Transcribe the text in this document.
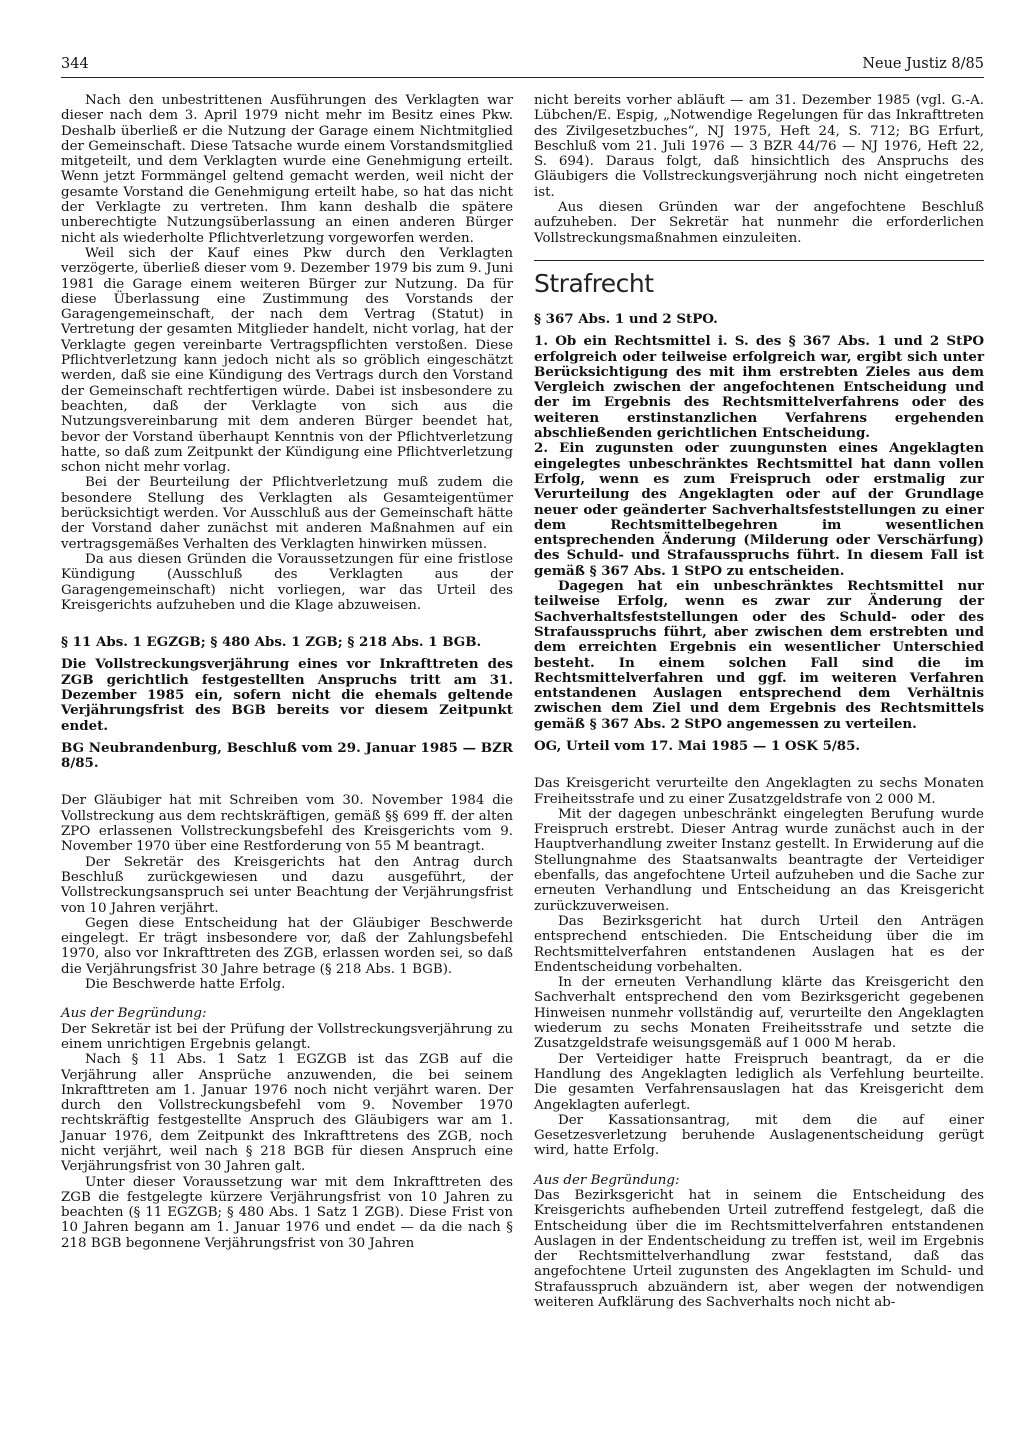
344	Neue Justiz 8/85

Nach den unbestrittenen Ausführungen des Verklagten war dieser nach dem 3. April 1979 nicht mehr im Besitz eines Pkw. Deshalb überließ er die Nutzung der Garage einem Nichtmitglied der Gemeinschaft. Diese Tatsache wurde einem Vorstandsmitglied mitgeteilt, und dem Verklagten wurde eine Genehmigung erteilt. Wenn jetzt Formmängel geltend gemacht werden, weil nicht der gesamte Vorstand die Genehmigung erteilt habe, so hat das nicht der Verklagte zu vertreten. Ihm kann deshalb die spätere unberechtigte Nutzungsüberlassung an einen anderen Bürger nicht als wiederholte Pflichtverletzung vorgeworfen werden.

Weil sich der Kauf eines Pkw durch den Verklagten verzögerte, überließ dieser vom 9. Dezember 1979 bis zum 9. Juni 1981 die Garage einem weiteren Bürger zur Nutzung. Da für diese Überlassung eine Zustimmung des Vorstands der Garagengemeinschaft, der nach dem Vertrag (Statut) in Vertretung der gesamten Mitglieder handelt, nicht vorlag, hat der Verklagte gegen vereinbarte Vertragspflichten verstoßen. Diese Pflichtverletzung kann jedoch nicht als so gröblich eingeschätzt werden, daß sie eine Kündigung des Vertrags durch den Vorstand der Gemeinschaft rechtfertigen würde. Dabei ist insbesondere zu beachten, daß der Verklagte von sich aus die Nutzungsvereinbarung mit dem anderen Bürger beendet hat, bevor der Vorstand überhaupt Kenntnis von der Pflichtverletzung hatte, so daß zum Zeitpunkt der Kündigung eine Pflichtverletzung schon nicht mehr vorlag.

Bei der Beurteilung der Pflichtverletzung muß zudem die besondere Stellung des Verklagten als Gesamteigentümer berücksichtigt werden. Vor Ausschluß aus der Gemeinschaft hätte der Vorstand daher zunächst mit anderen Maßnahmen auf ein vertragsgemäßes Verhalten des Verklagten hinwirken müssen.

Da aus diesen Gründen die Voraussetzungen für eine fristlose Kündigung (Ausschluß des Verklagten aus der Garagengemeinschaft) nicht vorliegen, war das Urteil des Kreisgerichts aufzuheben und die Klage abzuweisen.

§ 11 Abs. 1 EGZGB; § 480 Abs. 1 ZGB; § 218 Abs. 1 BGB.

Die Vollstreckungsverjährung eines vor Inkrafttreten des ZGB gerichtlich festgestellten Anspruchs tritt am 31. Dezember 1985 ein, sofern nicht die ehemals geltende Verjährungsfrist des BGB bereits vor diesem Zeitpunkt endet.

BG Neubrandenburg, Beschluß vom 29. Januar 1985 — BZR 8/85.

Der Gläubiger hat mit Schreiben vom 30. November 1984 die Vollstreckung aus dem rechtskräftigen, gemäß §§ 699 ff. der alten ZPO erlassenen Vollstreckungsbefehl des Kreisgerichts vom 9. November 1970 über eine Restforderung von 55 M beantragt.

Der Sekretär des Kreisgerichts hat den Antrag durch Beschluß zurückgewiesen und dazu ausgeführt, der Vollstreckungsanspruch sei unter Beachtung der Verjährungsfrist von 10 Jahren verjährt.

Gegen diese Entscheidung hat der Gläubiger Beschwerde eingelegt. Er trägt insbesondere vor, daß der Zahlungsbefehl 1970, also vor Inkrafttreten des ZGB, erlassen worden sei, so daß die Verjährungsfrist 30 Jahre betrage (§ 218 Abs. 1 BGB).

Die Beschwerde hatte Erfolg.

Aus der Begründung:

Der Sekretär ist bei der Prüfung der Vollstreckungsverjährung zu einem unrichtigen Ergebnis gelangt.

Nach § 11 Abs. 1 Satz 1 EGZGB ist das ZGB auf die Verjährung aller Ansprüche anzuwenden, die bei seinem Inkrafttreten am 1. Januar 1976 noch nicht verjährt waren. Der durch den Vollstreckungsbefehl vom 9. November 1970 rechtskräftig festgestellte Anspruch des Gläubigers war am 1. Januar 1976, dem Zeitpunkt des Inkrafttretens des ZGB, noch nicht verjährt, weil nach § 218 BGB für diesen Anspruch eine Verjährungsfrist von 30 Jahren galt.

Unter dieser Voraussetzung war mit dem Inkrafttreten des ZGB die festgelegte kürzere Verjährungsfrist von 10 Jahren zu beachten (§ 11 EGZGB; § 480 Abs. 1 Satz 1 ZGB). Diese Frist von 10 Jahren begann am 1. Januar 1976 und endet — da die nach § 218 BGB begonnene Verjährungsfrist von 30 Jahren

nicht bereits vorher abläuft — am 31. Dezember 1985 (vgl. G.-A. Lübchen/E. Espig, „Notwendige Regelungen für das Inkrafttreten des Zivilgesetzbuches“, NJ 1975, Heft 24, S. 712; BG Erfurt, Beschluß vom 21. Juli 1976 — 3 BZR 44/76 — NJ 1976, Heft 22, S. 694). Daraus folgt, daß hinsichtlich des Anspruchs des Gläubigers die Vollstreckungsverjährung noch nicht eingetreten ist.

Aus diesen Gründen war der angefochtene Beschluß aufzuheben. Der Sekretär hat nunmehr die erforderlichen Vollstreckungsmaßnahmen einzuleiten.

Strafrecht

§ 367 Abs. 1 und 2 StPO.

1. Ob ein Rechtsmittel i. S. des § 367 Abs. 1 und 2 StPO erfolgreich oder teilweise erfolgreich war, ergibt sich unter Berücksichtigung des mit ihm erstrebten Zieles aus dem Vergleich zwischen der angefochtenen Entscheidung und der im Ergebnis des Rechtsmittelverfahrens oder des weiteren erstinstanzlichen Verfahrens ergehenden abschließenden gerichtlichen Entscheidung.

2. Ein zugunsten oder zuungunsten eines Angeklagten eingelegtes unbeschränktes Rechtsmittel hat dann vollen Erfolg, wenn es zum Freispruch oder erstmalig zur Verurteilung des Angeklagten oder auf der Grundlage neuer oder geänderter Sachverhaltsfeststellungen zu einer dem Rechtsmittelbegehren im wesentlichen entsprechenden Änderung (Milderung oder Verschärfung) des Schuld- und Strafausspruchs führt. In diesem Fall ist gemäß § 367 Abs. 1 StPO zu entscheiden.

Dagegen hat ein unbeschränktes Rechtsmittel nur teilweise Erfolg, wenn es zwar zur Änderung der Sachverhaltsfeststellungen oder des Schuld- oder des Strafausspruchs führt, aber zwischen dem erstrebten und dem erreichten Ergebnis ein wesentlicher Unterschied besteht. In einem solchen Fall sind die im Rechtsmittelverfahren und ggf. im weiteren Verfahren entstandenen Auslagen entsprechend dem Verhältnis zwischen dem Ziel und dem Ergebnis des Rechtsmittels gemäß § 367 Abs. 2 StPO angemessen zu verteilen.

OG, Urteil vom 17. Mai 1985 — 1 OSK 5/85.

Das Kreisgericht verurteilte den Angeklagten zu sechs Monaten Freiheitsstrafe und zu einer Zusatzgeldstrafe von 2 000 M.

Mit der dagegen unbeschränkt eingelegten Berufung wurde Freispruch erstrebt. Dieser Antrag wurde zunächst auch in der Hauptverhandlung zweiter Instanz gestellt. In Erwiderung auf die Stellungnahme des Staatsanwalts beantragte der Verteidiger ebenfalls, das angefochtene Urteil aufzuheben und die Sache zur erneuten Verhandlung und Entscheidung an das Kreisgericht zurückzuverweisen.

Das Bezirksgericht hat durch Urteil den Anträgen entsprechend entschieden. Die Entscheidung über die im Rechtsmittelverfahren entstandenen Auslagen hat es der Endentscheidung vorbehalten.

In der erneuten Verhandlung klärte das Kreisgericht den Sachverhalt entsprechend den vom Bezirksgericht gegebenen Hinweisen nunmehr vollständig auf, verurteilte den Angeklagten wiederum zu sechs Monaten Freiheitsstrafe und setzte die Zusatzgeldstrafe weisungsgemäß auf 1 000 M herab.

Der Verteidiger hatte Freispruch beantragt, da er die Handlung des Angeklagten lediglich als Verfehlung beurteilte. Die gesamten Verfahrensauslagen hat das Kreisgericht dem Angeklagten auferlegt.

Der Kassationsantrag, mit dem die auf einer Gesetzesverletzung beruhende Auslagenentscheidung gerügt wird, hatte Erfolg.

Aus der Begründung:

Das Bezirksgericht hat in seinem die Entscheidung des Kreisgerichts aufhebenden Urteil zutreffend festgelegt, daß die Entscheidung über die im Rechtsmittelverfahren entstandenen Auslagen in der Endentscheidung zu treffen ist, weil im Ergebnis der Rechtsmittelverhandlung zwar feststand, daß das angefochtene Urteil zugunsten des Angeklagten im Schuld- und Strafausspruch abzuändern ist, aber wegen der notwendigen weiteren Aufklärung des Sachverhalts noch nicht ab-
